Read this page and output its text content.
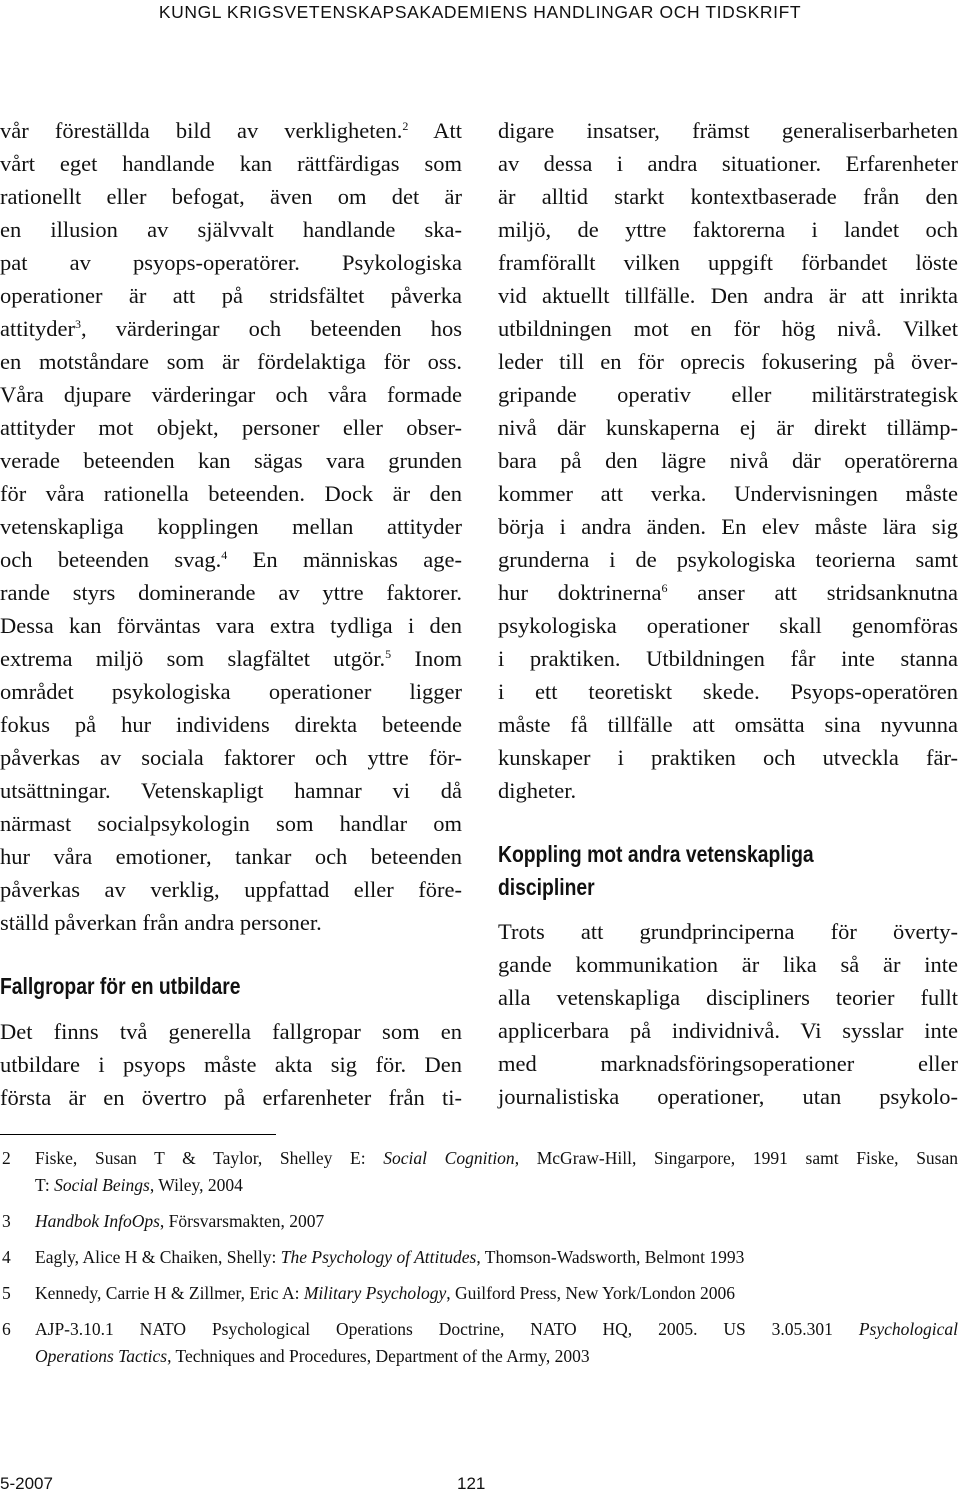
KUNGL KRIGSVETENSKAPSAKADEMIENS HANDLINGAR OCH TIDSKRIFT
vår föreställda bild av verkligheten.$^2$ Att
vårt eget handlande kan rättfärdigas som
rationellt eller befogat, även om det är
en illusion av självvalt handlande ska-
pat av psyops-operatörer. Psykologiska
operationer är att på stridsfältet påverka
attityder$^3$, värderingar och beteenden hos
en motståndare som är fördelaktiga för oss.
Våra djupare värderingar och våra formade
attityder mot objekt, personer eller obser-
verade beteenden kan sägas vara grunden
för våra rationella beteenden. Dock är den
vetenskapliga kopplingen mellan attityder
och beteenden svag.$^4$ En människas age-
rande styrs dominerande av yttre faktorer.
Dessa kan förväntas vara extra tydliga i den
extrema miljö som slagfältet utgör.$^5$ Inom
området psykologiska operationer ligger
fokus på hur individens direkta beteende
påverkas av sociala faktorer och yttre för-
utsättningar. Vetenskapligt hamnar vi då
närmast socialpsykologin som handlar om
hur våra emotioner, tankar och beteenden
påverkas av verklig, uppfattad eller före-
ställd påverkan från andra personer.
Fallgropar för en utbildare
Det finns två generella fallgropar som en
utbildare i psyops måste akta sig för. Den
första är en övertro på erfarenheter från ti-
digare insatser, främst generaliserbarheten
av dessa i andra situationer. Erfarenheter
är alltid starkt kontextbaserade från den
miljö, de yttre faktorerna i landet och
framförallt vilken uppgift förbandet löste
vid aktuellt tillfälle. Den andra är att inrikta
utbildningen mot en för hög nivå. Vilket
leder till en för oprecis fokusering på över-
gripande operativ eller militärstrategisk
nivå där kunskaperna ej är direkt tillämp-
bara på den lägre nivå där operatörerna
kommer att verka. Undervisningen måste
börja i andra änden. En elev måste lära sig
grunderna i de psykologiska teorierna samt
hur doktrinerna$^6$ anser att stridsanknutna
psykologiska operationer skall genomföras
i praktiken. Utbildningen får inte stanna
i ett teoretiskt skede. Psyops-operatören
måste få tillfälle att omsätta sina nyvunna
kunskaper i praktiken och utveckla fär-
digheter.
Koppling mot andra vetenskapliga
discipliner
Trots att grundprinciperna för överty-
gande kommunikation är lika så är inte
alla vetenskapliga discipliners teorier fullt
applicerbara på individnivå. Vi sysslar inte
med marknadsföringsoperationer eller
journalistiska operationer, utan psykolo-
2	Fiske, Susan T & Taylor, Shelley E: Social Cognition, McGraw-Hill, Singarpore, 1991 samt Fiske, Susan
T: Social Beings, Wiley, 2004
3	Handbok InfoOps, Försvarsmakten, 2007
4	Eagly, Alice H & Chaiken, Shelly: The Psychology of Attitudes, Thomson-Wadsworth, Belmont 1993
5	Kennedy, Carrie H & Zillmer, Eric A: Military Psychology, Guilford Press, New York/London 2006
6	AJP-3.10.1 NATO Psychological Operations Doctrine, NATO HQ, 2005. US 3.05.301 Psychological
Operations Tactics, Techniques and Procedures, Department of the Army, 2003
5-2007	121
